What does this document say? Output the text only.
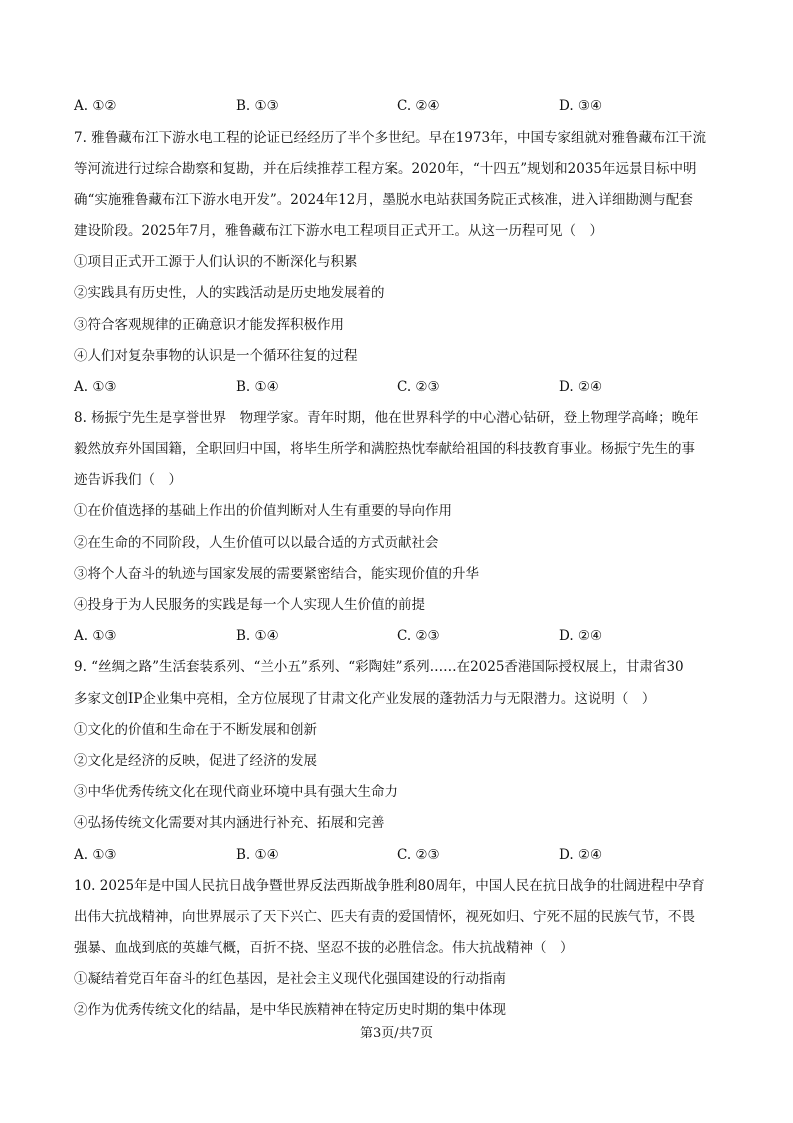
A. ①②	B. ①③	C. ②④	D. ③④
7. 雅鲁藏布江下游水电工程的论证已经经历了半个多世纪。早在1973年，中国专家组就对雅鲁藏布江干流
等河流进行过综合勘察和复勘，并在后续推荐工程方案。2020年，“十四五”规划和2035年远景目标中明
确“实施雅鲁藏布江下游水电开发”。2024年12月，墨脱水电站获国务院正式核准，进入详细勘测与配套
建设阶段。2025年7月，雅鲁藏布江下游水电工程项目正式开工。从这一历程可见（　）
①项目正式开工源于人们认识的不断深化与积累
②实践具有历史性，人的实践活动是历史地发展着的
③符合客观规律的正确意识才能发挥积极作用
④人们对复杂事物的认识是一个循环往复的过程
A. ①③	B. ①④	C. ②③	D. ②④
8. 杨振宁先生是享誉世界　物理学家。青年时期，他在世界科学的中心潜心钻研，登上物理学高峰；晚年
毅然放弃外国国籍，全职回归中国，将毕生所学和满腔热忱奉献给祖国的科技教育事业。杨振宁先生的事
迹告诉我们（　）
①在价值选择的基础上作出的价值判断对人生有重要的导向作用
②在生命的不同阶段，人生价值可以以最合适的方式贡献社会
③将个人奋斗的轨迹与国家发展的需要紧密结合，能实现价值的升华
④投身于为人民服务的实践是每一个人实现人生价值的前提
A. ①③	B. ①④	C. ②③	D. ②④
9. “丝绸之路”生活套装系列、“兰小五”系列、“彩陶娃”系列……在2025香港国际授权展上，甘肃省30
多家文创IP企业集中亮相，全方位展现了甘肃文化产业发展的蓬勃活力与无限潜力。这说明（　）
①文化的价值和生命在于不断发展和创新
②文化是经济的反映，促进了经济的发展
③中华优秀传统文化在现代商业环境中具有强大生命力
④弘扬传统文化需要对其内涵进行补充、拓展和完善
A. ①③	B. ①④	C. ②③	D. ②④
10. 2025年是中国人民抗日战争暨世界反法西斯战争胜利80周年，中国人民在抗日战争的壮阔进程中孕育
出伟大抗战精神，向世界展示了天下兴亡、匹夫有责的爱国情怀，视死如归、宁死不屈的民族气节，不畏
强暴、血战到底的英雄气概，百折不挠、坚忍不拔的必胜信念。伟大抗战精神（　）
①凝结着党百年奋斗的红色基因，是社会主义现代化强国建设的行动指南
②作为优秀传统文化的结晶，是中华民族精神在特定历史时期的集中体现
第3页/共7页
